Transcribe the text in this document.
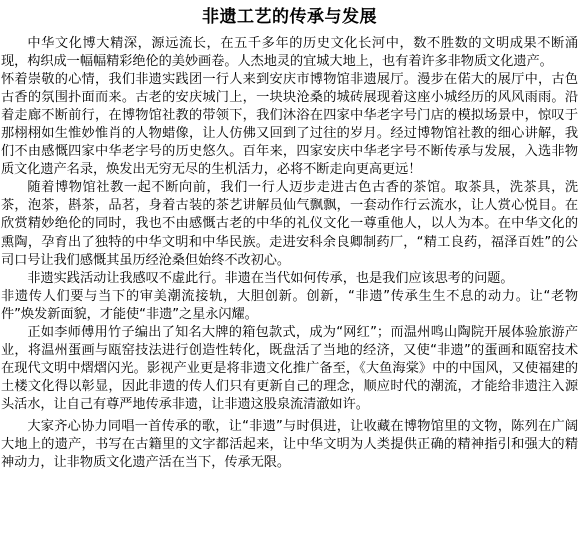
非遗工艺的传承与发展

中华文化博大精深，源远流长，在五千多年的历史文化长河中，数不胜数的文明成果不断涌现，构织成一幅幅精彩绝伦的美妙画卷。人杰地灵的宜城大地上，也有着许多非物质文化遗产。

怀着崇敬的心情，我们非遗实践团一行人来到安庆市博物馆非遗展厅。漫步在偌大的展厅中，古色古香的氛围扑面而来。古老的安庆城门上，一块块沧桑的城砖展现着这座小城经历的风风雨雨。沿着走廊不断前行，在博物馆社教的带领下，我们沐浴在四家中华老字号门店的模拟场景中，惊叹于那栩栩如生惟妙惟肖的人物蜡像，让人仿佛又回到了过往的岁月。经过博物馆社教的细心讲解，我们不由感慨四家中华老字号的历史悠久。百年来，四家安庆中华老字号不断传承与发展，入选非物质文化遗产名录，焕发出无穷无尽的生机活力，必将不断走向更高更远！

随着博物馆社教一起不断向前，我们一行人迈步走进古色古香的茶馆。取茶具，洗茶具，洗茶，泡茶，斟茶，品茗，身着古装的茶艺讲解员仙气飘飘，一套动作行云流水，让人赏心悦目。在欣赏精妙绝伦的同时，我也不由感慨古老的中华的礼仪文化一尊重他人，以人为本。在中华文化的熏陶，孕育出了独特的中华文明和中华民族。走进安科余良卿制药厂，“精工良药，福泽百姓”的公司口号让我们感慨其虽历经沧桑但始终不改初心。

非遗实践活动让我感叹不虚此行。非遗在当代如何传承，也是我们应该思考的问题。

非遗传人们要与当下的审美潮流接轨，大胆创新。创新，“非遗”传承生生不息的动力。让“老物件”焕发新面貌，才能使“非遗”之星永闪耀。

正如李师傅用竹子编出了知名大牌的箱包款式，成为“网红”；而温州鸣山陶院开展体验旅游产业，将温州蛋画与瓯窑技法进行创造性转化，既盘活了当地的经济，又使“非遗”的蛋画和瓯窑技术在现代文明中熠熠闪光。影视产业更是将非遗文化推广备至，《大鱼海棠》中的中国风，又使福建的土楼文化得以彰显，因此非遗的传人们只有更新自己的理念，顺应时代的潮流，才能给非遗注入源头活水，让自己有尊严地传承非遗，让非遗这股泉流清澈如许。

大家齐心协力同唱一首传承的歌，让“非遗”与时俱进，让收藏在博物馆里的文物，陈列在广阔大地上的遗产，书写在古籍里的文字都活起来，让中华文明为人类提供正确的精神指引和强大的精神动力，让非物质文化遗产活在当下，传承无限。
